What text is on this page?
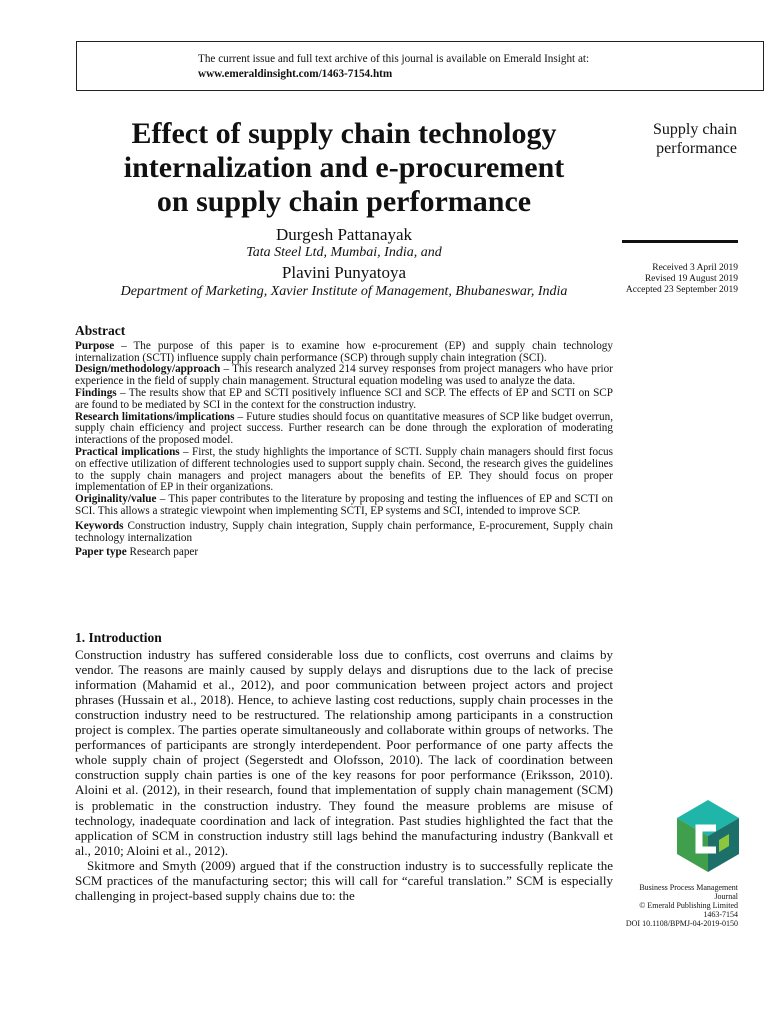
The current issue and full text archive of this journal is available on Emerald Insight at:
www.emeraldinsight.com/1463-7154.htm
Effect of supply chain technology
internalization and e-procurement
on supply chain performance
Durgesh Pattanayak
Tata Steel Ltd, Mumbai, India, and
Plavini Punyatoya
Department of Marketing, Xavier Institute of Management, Bhubaneswar, India
Supply chain
performance
Received 3 April 2019
Revised 19 August 2019
Accepted 23 September 2019
Abstract

Purpose – The purpose of this paper is to examine how e-procurement (EP) and supply chain technology internalization (SCTI) influence supply chain performance (SCP) through supply chain integration (SCI).

Design/methodology/approach – This research analyzed 214 survey responses from project managers who have prior experience in the field of supply chain management. Structural equation modeling was used to analyze the data.

Findings – The results show that EP and SCTI positively influence SCI and SCP. The effects of EP and SCTI on SCP are found to be mediated by SCI in the context for the construction industry.

Research limitations/implications – Future studies should focus on quantitative measures of SCP like budget overrun, supply chain efficiency and project success. Further research can be done through the exploration of moderating interactions of the proposed model.

Practical implications – First, the study highlights the importance of SCTI. Supply chain managers should first focus on effective utilization of different technologies used to support supply chain. Second, the research gives the guidelines to the supply chain managers and project managers about the benefits of EP. They should focus on proper implementation of EP in their organizations.

Originality/value – This paper contributes to the literature by proposing and testing the influences of EP and SCTI on SCI. This allows a strategic viewpoint when implementing SCTI, EP systems and SCI, intended to improve SCP.

Keywords Construction industry, Supply chain integration, Supply chain performance, E-procurement, Supply chain technology internalization

Paper type Research paper

1. Introduction

Construction industry has suffered considerable loss due to conflicts, cost overruns and claims by vendor. The reasons are mainly caused by supply delays and disruptions due to the lack of precise information (Mahamid et al., 2012), and poor communication between project actors and project phrases (Hussain et al., 2018). Hence, to achieve lasting cost reductions, supply chain processes in the construction industry need to be restructured. The relationship among participants in a construction project is complex. The parties operate simultaneously and collaborate within groups of networks. The performances of participants are strongly interdependent. Poor performance of one party affects the whole supply chain of project (Segerstedt and Olofsson, 2010). The lack of coordination between construction supply chain parties is one of the key reasons for poor performance (Eriksson, 2010). Aloini et al. (2012), in their research, found that implementation of supply chain management (SCM) is problematic in the construction industry. They found the measure problems are misuse of technology, inadequate coordination and lack of integration. Past studies highlighted the fact that the application of SCM in construction industry still lags behind the manufacturing industry (Bankvall et al., 2010; Aloini et al., 2012).

Skitmore and Smyth (2009) argued that if the construction industry is to successfully replicate the SCM practices of the manufacturing sector; this will call for “careful translation.” SCM is especially challenging in project-based supply chains due to: the

Business Process Management
Journal
© Emerald Publishing Limited
1463-7154
DOI 10.1108/BPMJ-04-2019-0150
